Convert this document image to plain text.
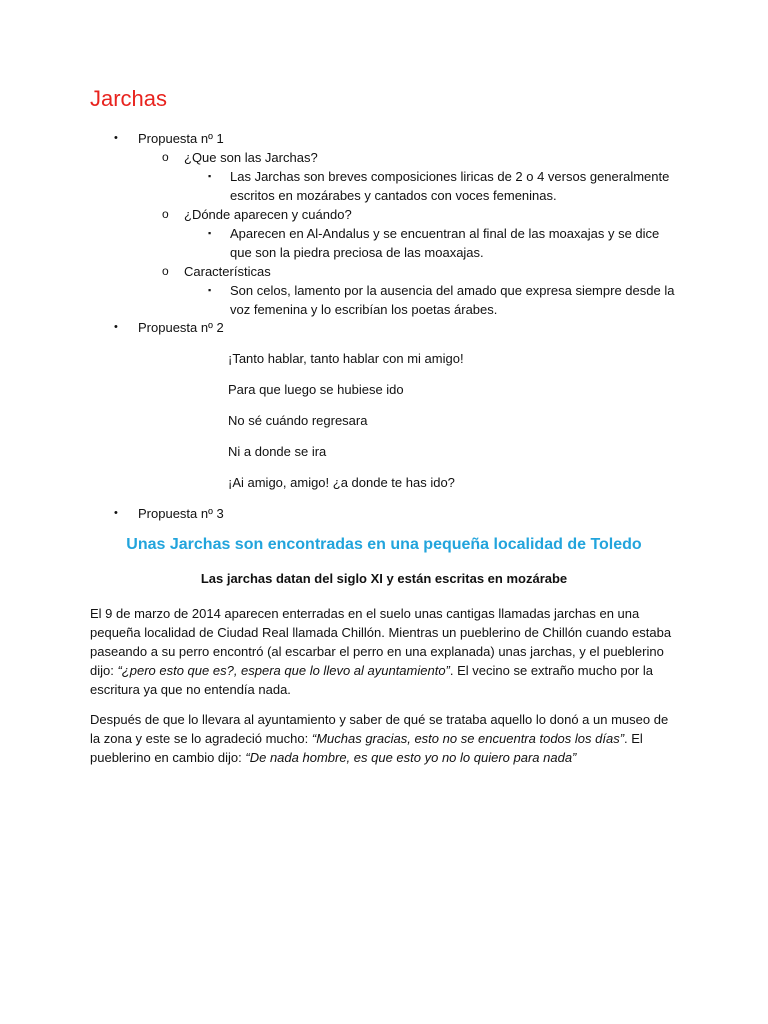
Jarchas
• Propuesta nº 1
o ¿Que son las Jarchas?
▪ Las Jarchas son breves composiciones liricas de 2 o 4 versos generalmente escritos en mozárabes y cantados con voces femeninas.
o ¿Dónde aparecen y cuándo?
▪ Aparecen en Al-Andalus y se encuentran al final de las moaxajas y se dice que son la piedra preciosa de las moaxajas.
o Características
▪ Son celos, lamento por la ausencia del amado que expresa siempre desde la voz femenina y lo escribían los poetas árabes.
• Propuesta nº 2
¡Tanto hablar, tanto hablar con mi amigo!
Para que luego se hubiese ido
No sé cuándo regresara
Ni a donde se ira
¡Ai amigo, amigo! ¿a donde te has ido?
• Propuesta nº 3
Unas Jarchas son encontradas en una pequeña localidad de Toledo
Las jarchas datan del siglo XI y están escritas en mozárabe

El 9 de marzo de 2014 aparecen enterradas en el suelo unas cantigas llamadas jarchas en una pequeña localidad de Ciudad Real llamada Chillón. Mientras un pueblerino de Chillón cuando estaba paseando a su perro encontró (al escarbar el perro en una explanada) unas jarchas, y el pueblerino dijo: “¿pero esto que es?, espera que lo llevo al ayuntamiento”. El vecino se extraño mucho por la escritura ya que no entendía nada.

Después de que lo llevara al ayuntamiento y saber de qué se trataba aquello lo donó a un museo de la zona y este se lo agradeció mucho: “Muchas gracias, esto no se encuentra todos los días”. El pueblerino en cambio dijo: “De nada hombre, es que esto yo no lo quiero para nada”
